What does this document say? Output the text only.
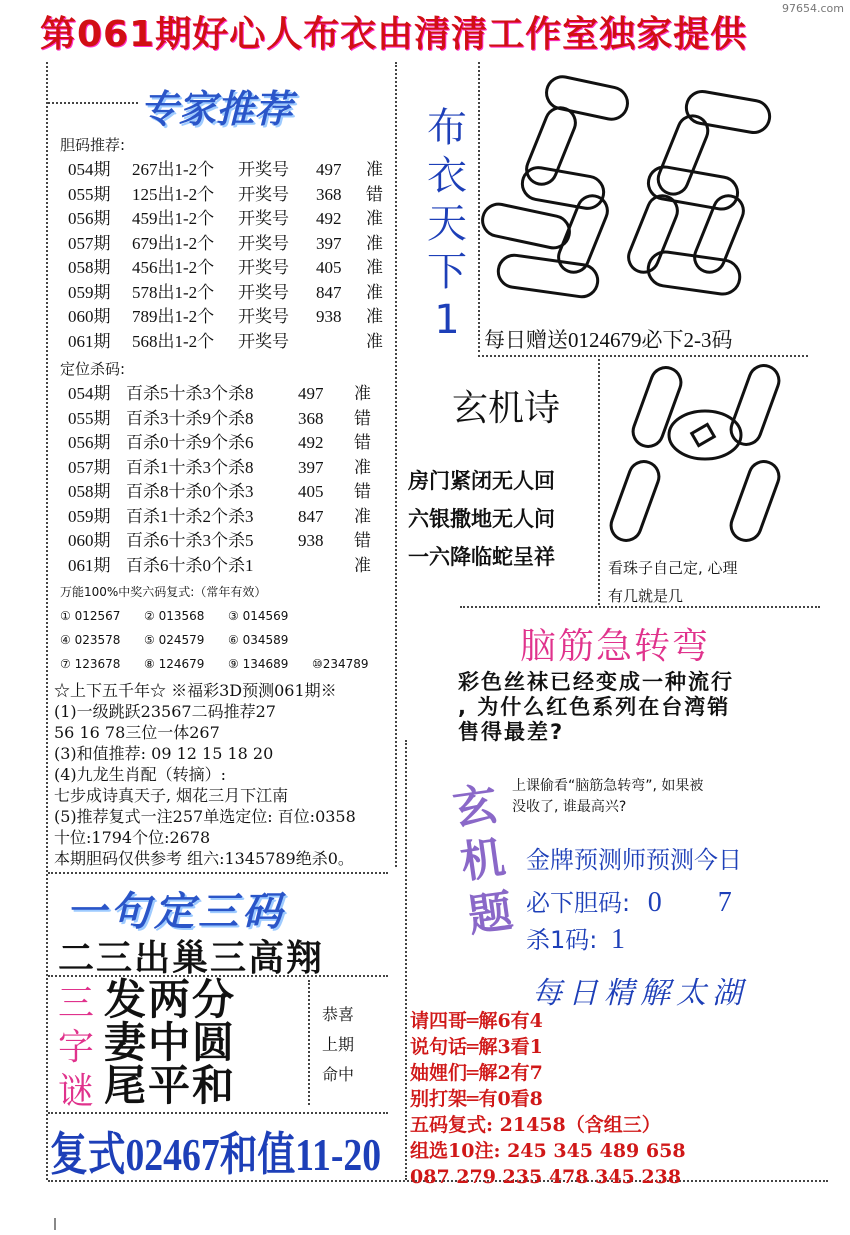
97654.com
第061期好心人布衣由清清工作室独家提供
专家推荐
胆码推荐:
054期 267出1-2个 开奖号 497 准
055期 125出1-2个 开奖号 368 错
056期 459出1-2个 开奖号 492 准
057期 679出1-2个 开奖号 397 准
058期 456出1-2个 开奖号 405 准
059期 578出1-2个 开奖号 847 准
060期 789出1-2个 开奖号 938 准
061期 568出1-2个 开奖号	准
定位杀码:
054期 百杀5十杀3个杀8	497 准
055期 百杀3十杀9个杀8	368 错
056期 百杀0十杀9个杀6	492 错
057期 百杀1十杀3个杀8	397 准
058期 百杀8十杀0个杀3	405 错
059期 百杀1十杀2个杀3	847 准
060期 百杀6十杀3个杀5	938 错
061期 百杀6十杀0个杀1	准
万能100%中奖六码复式:（常年有效）
① 012567 ② 013568 ③ 014569
④ 023578 ⑤ 024579 ⑥ 034589
⑦ 123678 ⑧ 124679 ⑨ 134689 ⑩234789
☆上下五千年☆ ※福彩3D预测061期※
(1)一级跳跃23567二码推荐27
56 16 78三位一体267
(3)和值推荐: 09 12 15 18 20
(4)九龙生肖配（转摘）:
七步成诗真天子, 烟花三月下江南
(5)推荐复式一注257单选定位: 百位:0358
十位:1794个位:2678
本期胆码仅供参考 组六:1345789绝杀0。
一句定三码
二三出巢三高翔
三
字
谜
发两分
妻中圆
尾平和
恭喜
上期
命中
复式02467和值11-20
布
衣
天
下
1	每日赠送0124679必下2-3码
玄机诗
房门紧闭无人回
六银撒地无人问
一六降临蛇呈祥	看珠子自己定, 心理
有几就是几
脑筋急转弯
彩色丝袜已经变成一种流行
, 为什么红色系列在台湾销
售得最差?
玄
机
题
上课偷看“脑筋急转弯”, 如果被
没收了, 谁最高兴?
金牌预测师预测今日
必下胆码: 0　　7
杀1码: 1
每日精解太湖
请四哥═解6有4
说句话═解3看1
妯娌们═解2有7
别打架═有0看8
五码复式: 21458（含组三）
组选10注: 245 345 489 658
087 279 235 478 345 238
